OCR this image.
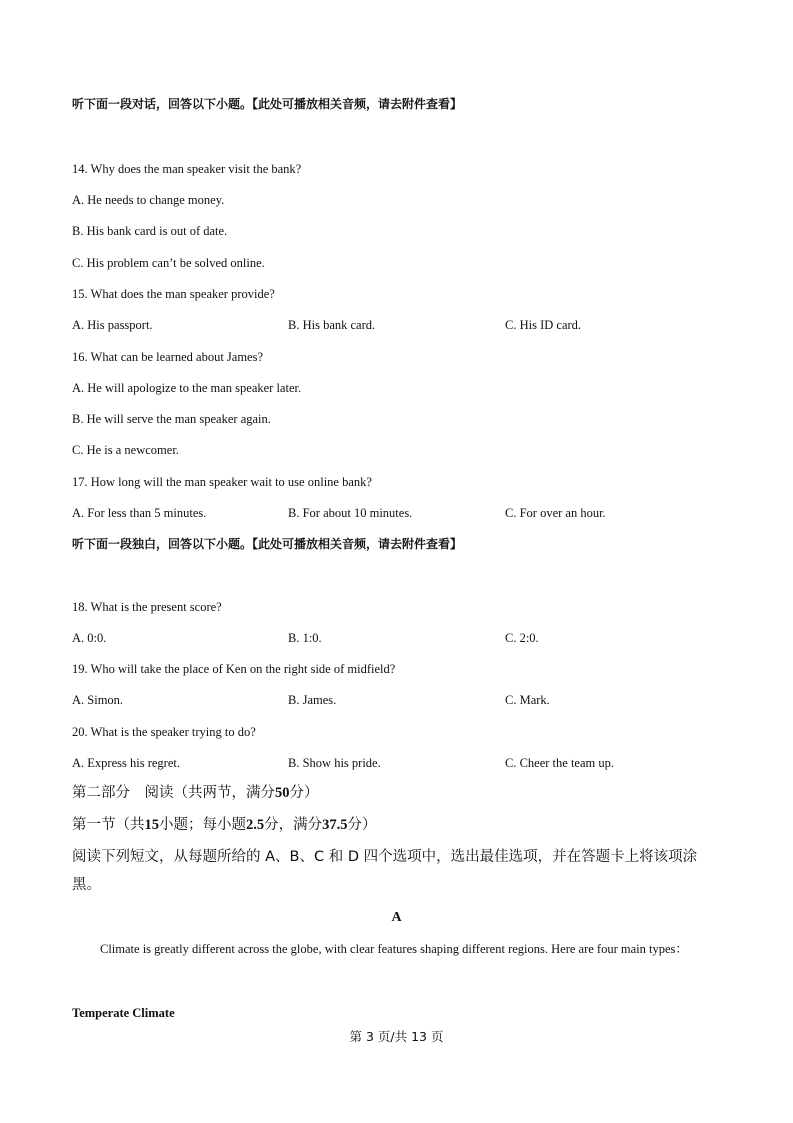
听下面一段对话，回答以下小题。【此处可播放相关音频，请去附件查看】
14. Why does the man speaker visit the bank?
A. He needs to change money.
B. His bank card is out of date.
C. His problem can’t be solved online.
15. What does the man speaker provide?
A. His passport.	B. His bank card.	C. His ID card.
16. What can be learned about James?
A. He will apologize to the man speaker later.
B. He will serve the man speaker again.
C. He is a newcomer.
17. How long will the man speaker wait to use online bank?
A. For less than 5 minutes.	B. For about 10 minutes.	C. For over an hour.
听下面一段独白，回答以下小题。【此处可播放相关音频，请去附件查看】
18. What is the present score?
A. 0:0.	B. 1:0.	C. 2:0.
19. Who will take the place of Ken on the right side of midfield?
A. Simon.	B. James.	C. Mark.
20. What is the speaker trying to do?
A. Express his regret.	B. Show his pride.	C. Cheer the team up.
第二部分　阅读（共两节，满分50分）
第一节（共15小题；每小题2.5分，满分37.5分）
阅读下列短文，从每题所给的 A、B、C 和 D 四个选项中，选出最佳选项，并在答题卡上将该项涂黑。
A
Climate is greatly different across the globe, with clear features shaping different regions. Here are four main types：
Temperate Climate
第 3 页/共 13 页
